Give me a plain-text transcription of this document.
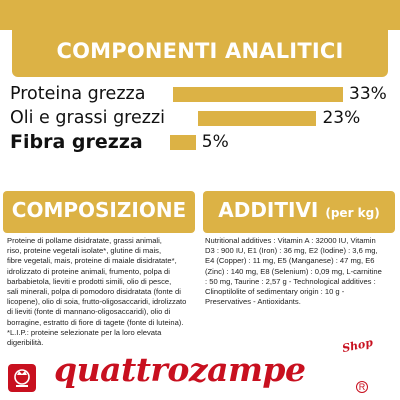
COMPONENTI ANALITICI
Proteina grezza	33%
Oli e grassi grezzi	23%
Fibra grezza	5%
COMPOSIZIONE	ADDITIVI (per kg)
Proteine di pollame disidratate, grassi animali,
riso, proteine vegetali isolate*, glutine di mais,
fibre vegetali, mais, proteine di maiale disidratate*,
idrolizzato di proteine animali, frumento, polpa di
barbabietola, lieviti e prodotti simili, olio di pesce,
sali minerali, polpa di pomodoro disidratata (fonte di
licopene), olio di soia, frutto-oligosaccaridi, idrolizzato
di lieviti (fonte di mannano-oligosaccaridi), olio di
borragine, estratto di fiore di tagete (fonte di luteina).
*L.I.P.: proteine selezionate per la loro elevata
digeribilità.
Nutritional additives : Vitamin A : 32000 IU, Vitamin
D3 : 900 IU, E1 (Iron) : 36 mg, E2 (Iodine) : 3,6 mg,
E4 (Copper) : 11 mg, E5 (Manganese) : 47 mg, E6
(Zinc) : 140 mg, E8 (Selenium) : 0,09 mg, L-carnitine
: 50 mg, Taurine : 2,57 g - Technological additives :
Clinoptilolite of sedimentary origin : 10 g -
Preservatives - Antioxidants.
quattrozampe
Shop
R
